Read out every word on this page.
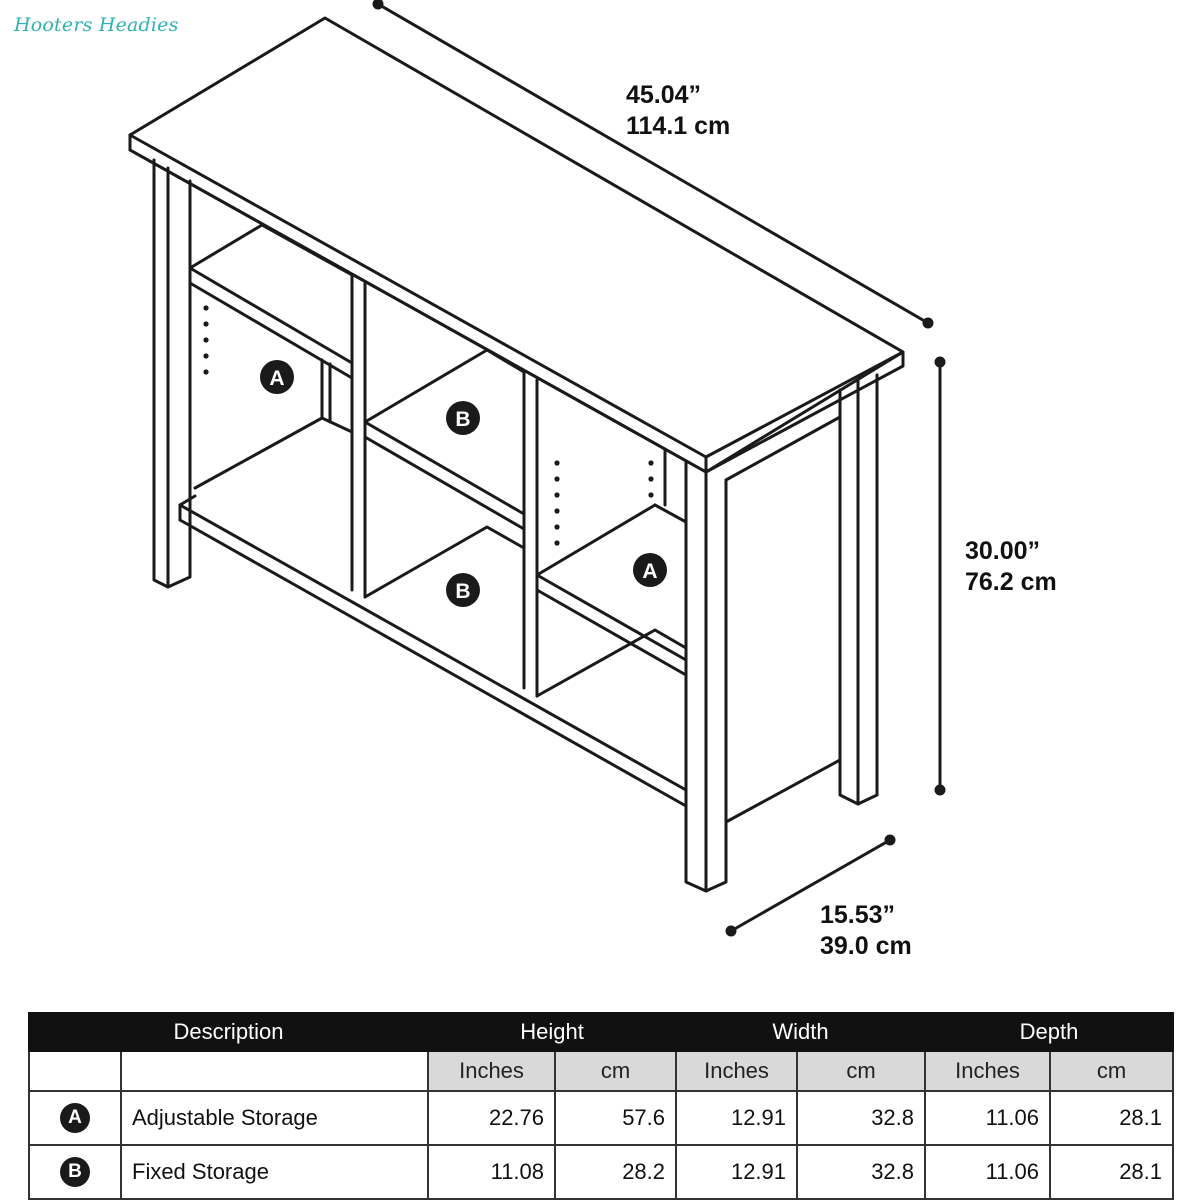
Hooters Headies
A
B
B
A
45.04”
114.1 cm
30.00”
76.2 cm
15.53”
39.0 cm
Description		Height		Width		Depth	
		Inches	cm	Inches	cm	Inches	cm
A	Adjustable Storage	22.76	57.6	12.91	32.8	11.06	28.1
B	Fixed Storage	11.08	28.2	12.91	32.8	11.06	28.1
